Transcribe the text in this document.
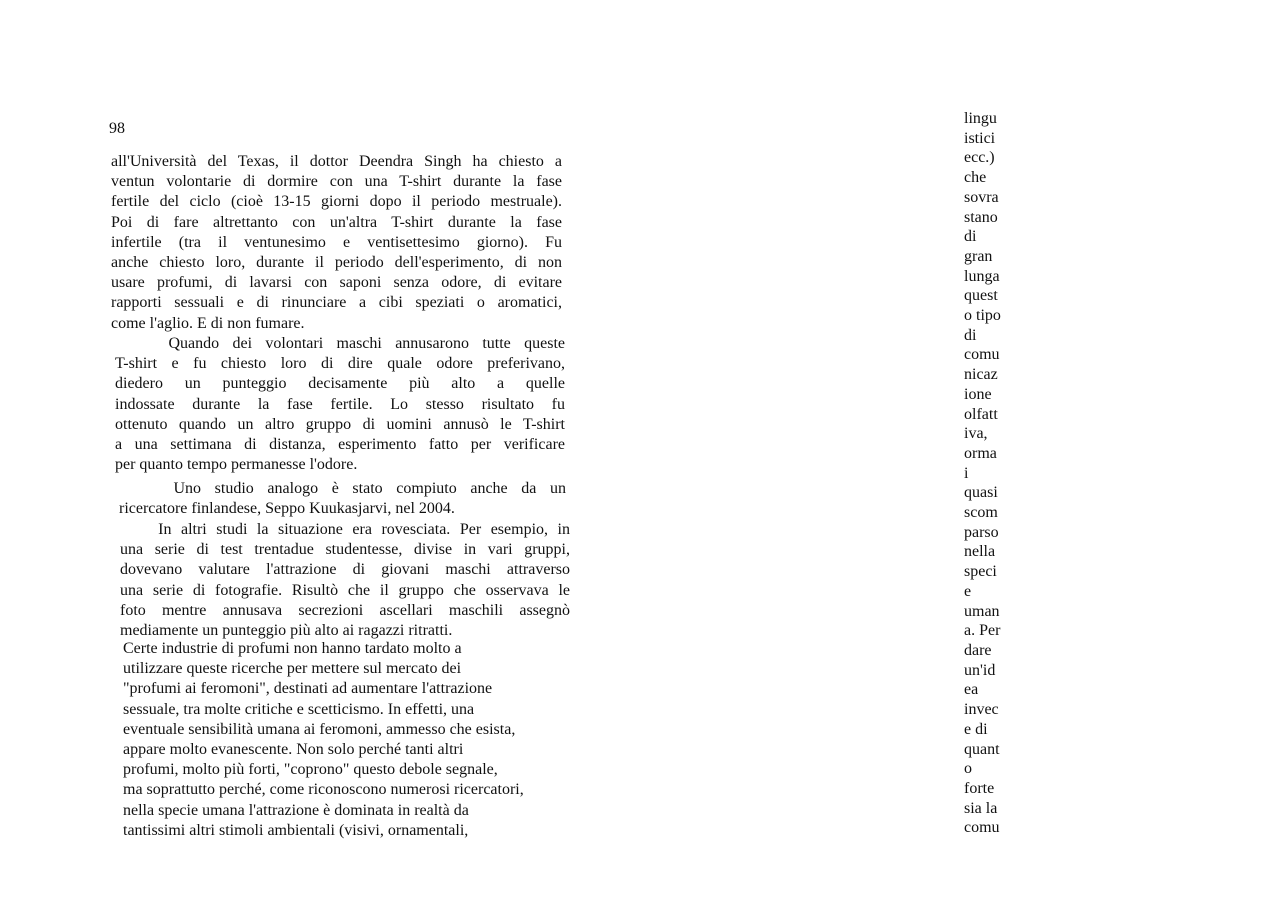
98
all'Università del Texas, il dottor Deendra Singh ha chiesto a
ventun volontarie di dormire con una T-shirt durante la fase
fertile del ciclo (cioè 13-15 giorni dopo il periodo mestruale).
Poi di fare altrettanto con un'altra T-shirt durante la fase
infertile (tra il ventunesimo e ventisettesimo giorno). Fu
anche chiesto loro, durante il periodo dell'esperimento, di non
usare profumi, di lavarsi con saponi senza odore, di evitare
rapporti sessuali e di rinunciare a cibi speziati o aromatici,
come l'aglio. E di non fumare.
Quando dei volontari maschi annusarono tutte queste
T-shirt e fu chiesto loro di dire quale odore preferivano,
diedero un punteggio decisamente più alto a quelle
indossate durante la fase fertile. Lo stesso risultato fu
ottenuto quando un altro gruppo di uomini annusò le T-shirt
a una settimana di distanza, esperimento fatto per verificare
per quanto tempo permanesse l'odore.
Uno studio analogo è stato compiuto anche da un
ricercatore finlandese, Seppo Kuukasjarvi, nel 2004.
In altri studi la situazione era rovesciata. Per esempio, in
una serie di test trentadue studentesse, divise in vari gruppi,
dovevano valutare l'attrazione di giovani maschi attraverso
una serie di fotografie. Risultò che il gruppo che osservava le
foto mentre annusava secrezioni ascellari maschili assegnò
mediamente un punteggio più alto ai ragazzi ritratti.
Certe industrie di profumi non hanno tardato molto a
utilizzare queste ricerche per mettere sul mercato dei
"profumi ai feromoni", destinati ad aumentare l'attrazione
sessuale, tra molte critiche e scetticismo. In effetti, una
eventuale sensibilità umana ai feromoni, ammesso che esista,
appare molto evanescente. Non solo perché tanti altri
profumi, molto più forti, "coprono" questo debole segnale,
ma soprattutto perché, come riconoscono numerosi ricercatori,
nella specie umana l'attrazione è dominata in realtà da
tantissimi altri stimoli ambientali (visivi, ornamentali,
lingu
istici
ecc.)
che
sovra
stano
di
gran
lunga
quest
o tipo
di
comu
nicaz
ione
olfatt
iva,
orma
i
quasi
scom
parso
nella
speci
e
uman
a. Per
dare
un'id
ea
invec
e di
quant
o
forte
sia la
comu
